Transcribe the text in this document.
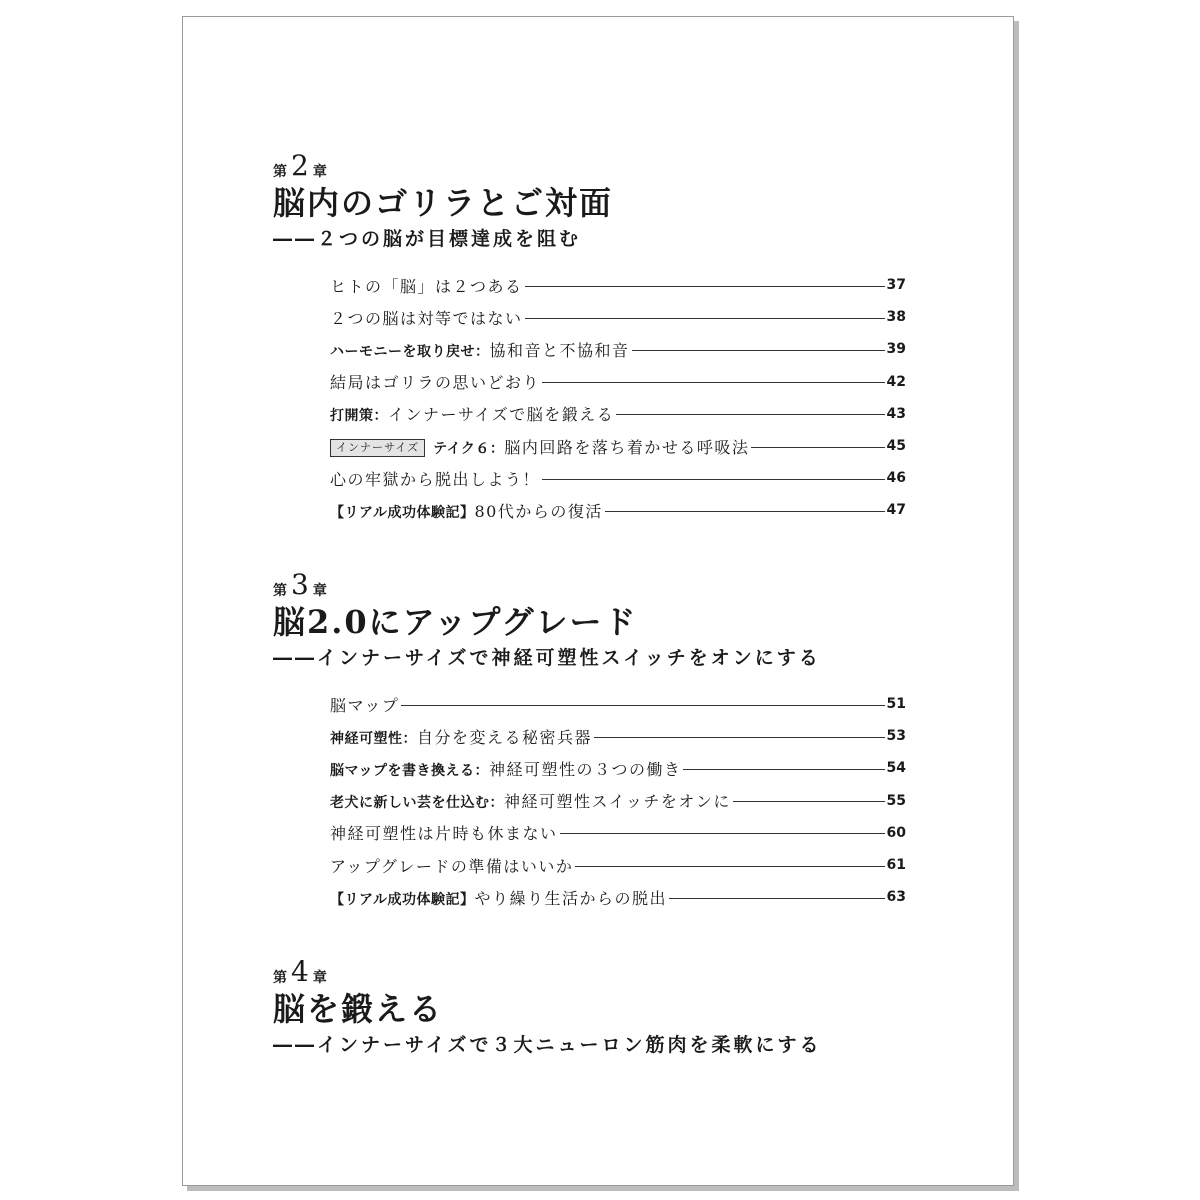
第 2 章
脳内のゴリラとご対面
――２つの脳が目標達成を阻む
ヒトの「脳」は２つある	37
２つの脳は対等ではない	38
ハーモニーを取り戻せ：協和音と不協和音	39
結局はゴリラの思いどおり	42
打開策：インナーサイズで脳を鍛える	43
インナーサイズ テイク６：脳内回路を落ち着かせる呼吸法	45
心の牢獄から脱出しよう！	46
【リアル成功体験記】80代からの復活	47
第 3 章
脳2.0にアップグレード
――インナーサイズで神経可塑性スイッチをオンにする
脳マップ	51
神経可塑性：自分を変える秘密兵器	53
脳マップを書き換える：神経可塑性の３つの働き	54
老犬に新しい芸を仕込む：神経可塑性スイッチをオンに	55
神経可塑性は片時も休まない	60
アップグレードの準備はいいか	61
【リアル成功体験記】やり繰り生活からの脱出	63
第 4 章
脳を鍛える
――インナーサイズで３大ニューロン筋肉を柔軟にする
